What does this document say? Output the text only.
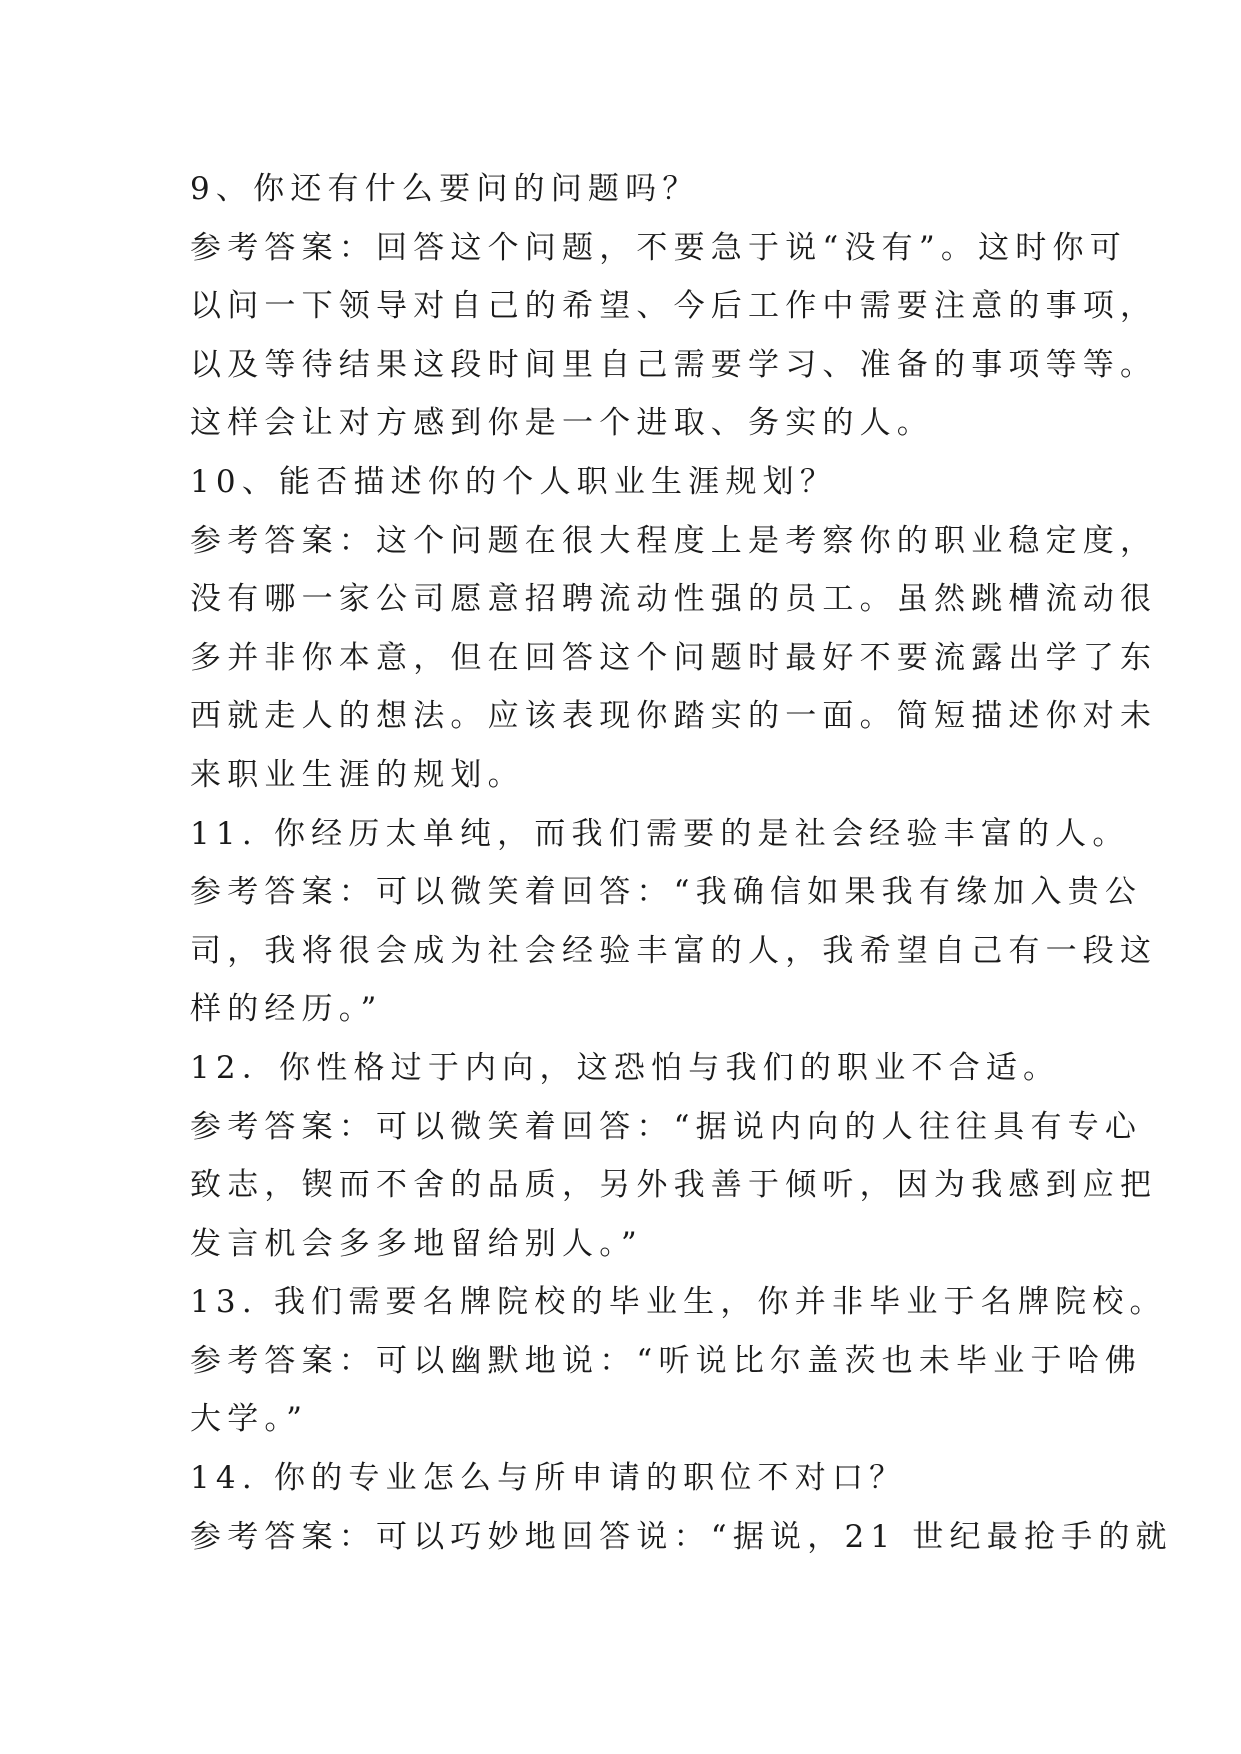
9、你还有什么要问的问题吗？
参考答案：回答这个问题，不要急于说“没有”。这时你可
以问一下领导对自己的希望、今后工作中需要注意的事项，
以及等待结果这段时间里自己需要学习、准备的事项等等。
这样会让对方感到你是一个进取、务实的人。
10、能否描述你的个人职业生涯规划？
参考答案：这个问题在很大程度上是考察你的职业稳定度，
没有哪一家公司愿意招聘流动性强的员工。虽然跳槽流动很
多并非你本意，但在回答这个问题时最好不要流露出学了东
西就走人的想法。应该表现你踏实的一面。简短描述你对未
来职业生涯的规划。
11. 你经历太单纯，而我们需要的是社会经验丰富的人。
参考答案：可以微笑着回答：“我确信如果我有缘加入贵公
司，我将很会成为社会经验丰富的人，我希望自己有一段这
样的经历。”
12．你性格过于内向，这恐怕与我们的职业不合适。
参考答案：可以微笑着回答：“据说内向的人往往具有专心
致志，锲而不舍的品质，另外我善于倾听，因为我感到应把
发言机会多多地留给别人。”
13. 我们需要名牌院校的毕业生，你并非毕业于名牌院校。
参考答案：可以幽默地说：“听说比尔盖茨也未毕业于哈佛
大学。”
14. 你的专业怎么与所申请的职位不对口？
参考答案：可以巧妙地回答说：“据说，21 世纪最抢手的就
